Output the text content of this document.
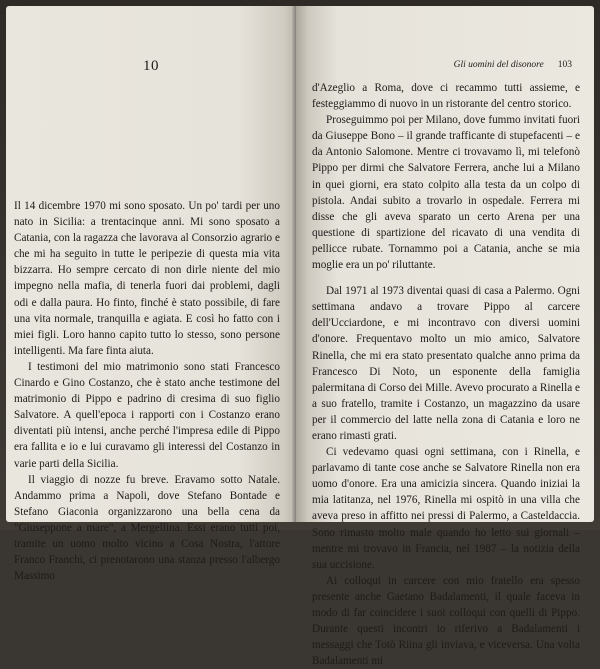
10

Il 14 dicembre 1970 mi sono sposato. Un po' tardi per uno nato in Sicilia: a trentacinque anni. Mi sono sposato a Catania, con la ragazza che lavorava al Consorzio agrario e che mi ha seguito in tutte le peripezie di questa mia vita bizzarra. Ho sempre cercato di non dirle niente del mio impegno nella mafia, di tenerla fuori dai problemi, dagli odi e dalla paura. Ho finto, finché è stato possibile, di fare una vita normale, tranquilla e agiata. E così ho fatto con i miei figli. Loro hanno capito tutto lo stesso, sono persone intelligenti. Ma fare finta aiuta.

I testimoni del mio matrimonio sono stati Francesco Cinardo e Gino Costanzo, che è stato anche testimone del matrimonio di Pippo e padrino di cresima di suo figlio Salvatore. A quell'epoca i rapporti con i Costanzo erano diventati più intensi, anche perché l'impresa edile di Pippo era fallita e io e lui curavamo gli interessi del Costanzo in varie parti della Sicilia.

Il viaggio di nozze fu breve. Eravamo sotto Natale. Andammo prima a Napoli, dove Stefano Bontade e Stefano Giaconia organizzarono una bella cena da "Giuseppone a mare", a Mergellina. Essi erano tutti poi, tramite un uomo molto vicino a Cosa Nostra, l'attore Franco Franchi, ci prenotarono una stanza presso l'albergo Massimo

Gli uomini del disonore 103

d'Azeglio a Roma, dove ci recammo tutti assieme, e festeggiammo di nuovo in un ristorante del centro storico.

Proseguimmo poi per Milano, dove fummo invitati fuori da Giuseppe Bono – il grande trafficante di stupefacenti – e da Antonio Salomone. Mentre ci trovavamo lì, mi telefonò Pippo per dirmi che Salvatore Ferrera, anche lui a Milano in quei giorni, era stato colpito alla testa da un colpo di pistola. Andai subito a trovarlo in ospedale. Ferrera mi disse che gli aveva sparato un certo Arena per una questione di spartizione del ricavato di una vendita di pellicce rubate. Tornammo poi a Catania, anche se mia moglie era un po' riluttante.

Dal 1971 al 1973 diventai quasi di casa a Palermo. Ogni settimana andavo a trovare Pippo al carcere dell'Ucciardone, e mi incontravo con diversi uomini d'onore. Frequentavo molto un mio amico, Salvatore Rinella, che mi era stato presentato qualche anno prima da Francesco Di Noto, un esponente della famiglia palermitana di Corso dei Mille. Avevo procurato a Rinella e a suo fratello, tramite i Costanzo, un magazzino da usare per il commercio del latte nella zona di Catania e loro ne erano rimasti grati.

Ci vedevamo quasi ogni settimana, con i Rinella, e parlavamo di tante cose anche se Salvatore Rinella non era uomo d'onore. Era una amicizia sincera. Quando iniziai la mia latitanza, nel 1976, Rinella mi ospitò in una villa che aveva preso in affitto nei pressi di Palermo, a Casteldaccia. Sono rimasto molto male quando ho letto sui giornali – mentre mi trovavo in Francia, nel 1987 – la notizia della sua uccisione.

Ai colloqui in carcere con mio fratello era spesso presente anche Gaetano Badalamenti, il quale faceva in modo di far coincidere i suoi colloqui con quelli di Pippo. Durante questi incontri io riferivo a Badalamenti i messaggi che Totò Riina gli inviava, e viceversa. Una volta Badalamenti mi
